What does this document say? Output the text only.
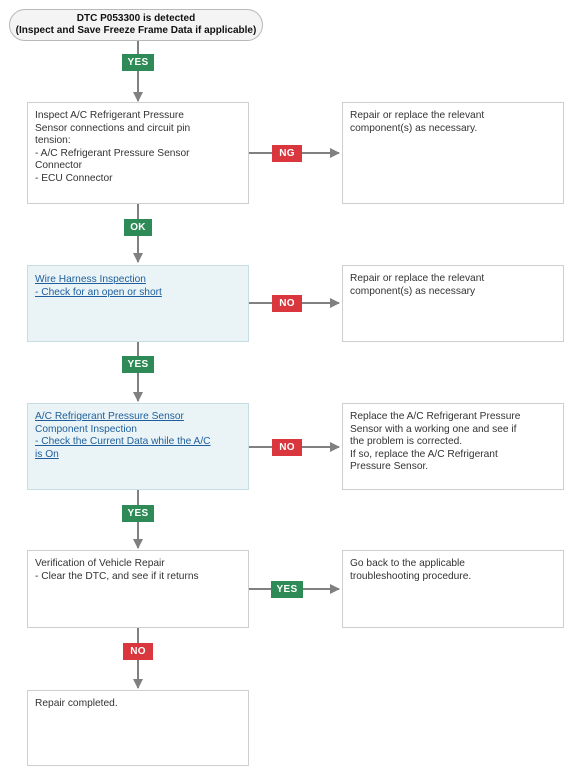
DTC P053300 is detected
(Inspect and Save Freeze Frame Data if applicable)
YES
NG
OK
NO
YES
NO
YES
YES
NO
Inspect A/C Refrigerant Pressure
Sensor connections and circuit pin
tension:
- A/C Refrigerant Pressure Sensor
Connector
- ECU Connector
Repair or replace the relevant
component(s) as necessary.
Wire Harness Inspection
- Check for an open or short
Repair or replace the relevant
component(s) as necessary
A/C Refrigerant Pressure Sensor
Component Inspection
- Check the Current Data while the A/C
is On
Replace the A/C Refrigerant Pressure
Sensor with a working one and see if
the problem is corrected.
If so, replace the A/C Refrigerant
Pressure Sensor.
Verification of Vehicle Repair
- Clear the DTC, and see if it returns
Go back to the applicable
troubleshooting procedure.
Repair completed.
